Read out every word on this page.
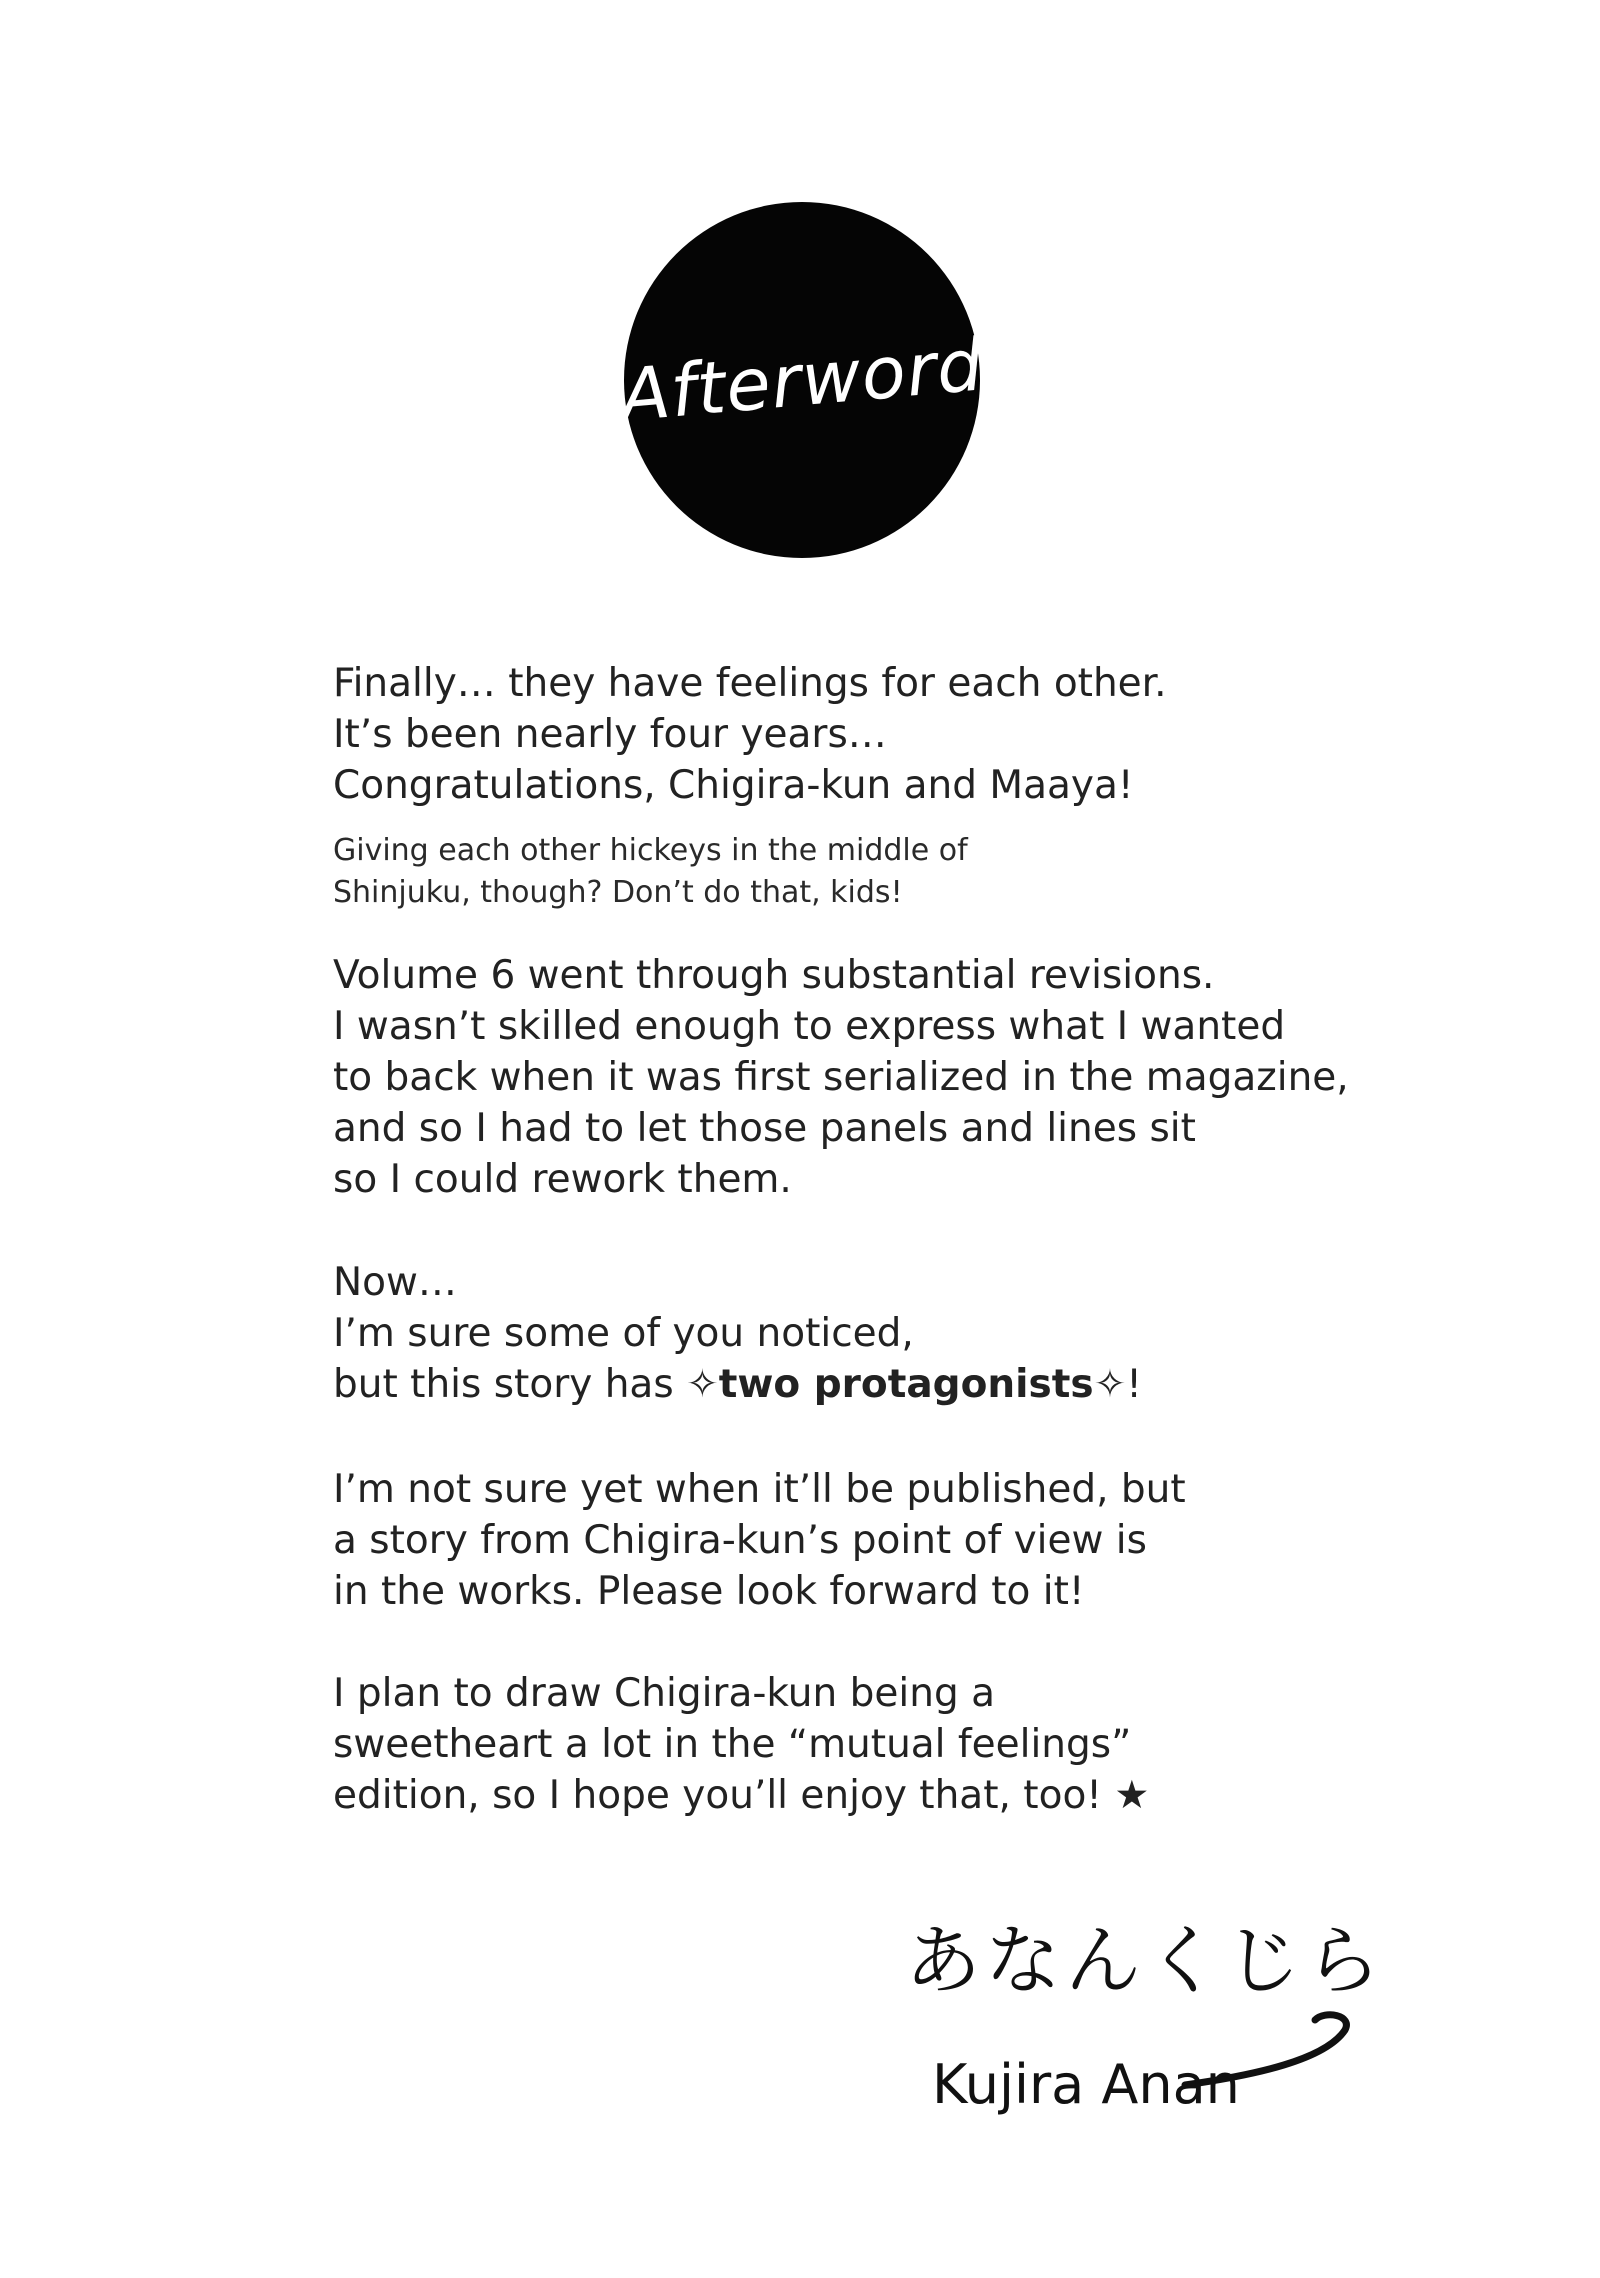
Afterword
Finally… they have feelings for each other.
It’s been nearly four years…
Congratulations, Chigira-kun and Maaya!
Giving each other hickeys in the middle of
Shinjuku, though? Don’t do that, kids!
Volume 6 went through substantial revisions.
I wasn’t skilled enough to express what I wanted
to back when it was first serialized in the magazine,
and so I had to let those panels and lines sit
so I could rework them.
Now…
I’m sure some of you noticed,
but this story has ✧two protagonists✧!
I’m not sure yet when it’ll be published, but
a story from Chigira-kun’s point of view is
in the works. Please look forward to it!
I plan to draw Chigira-kun being a
sweetheart a lot in the “mutual feelings”
edition, so I hope you’ll enjoy that, too! ★
あなんくじら
Kujira Anan
